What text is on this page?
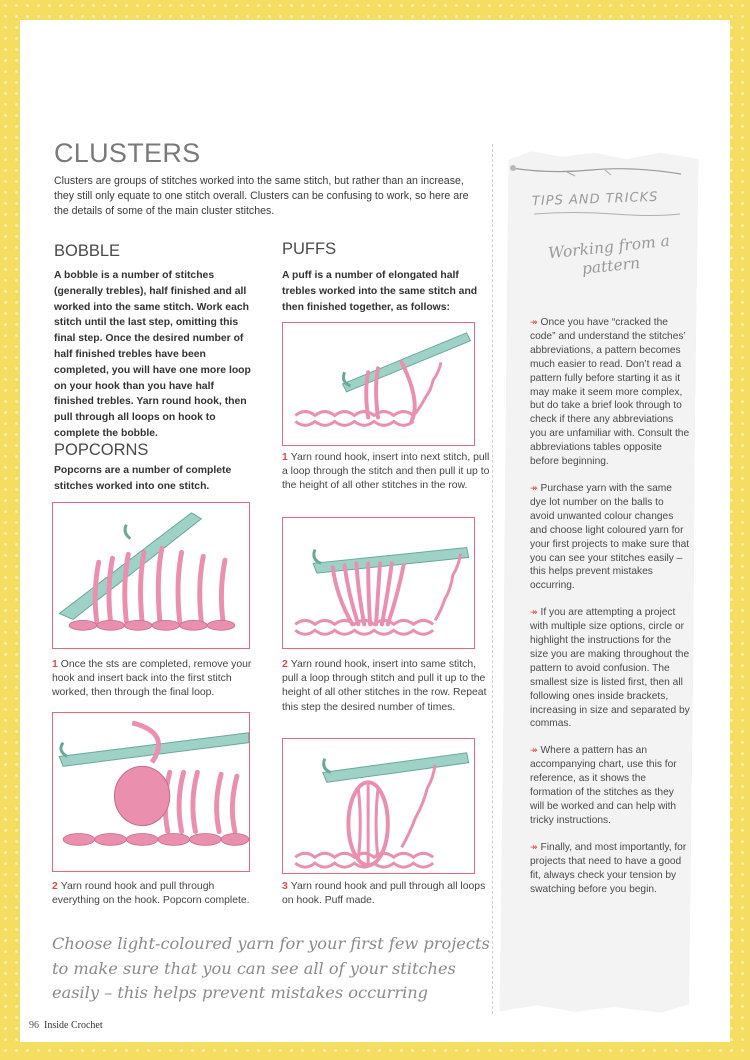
CLUSTERS

Clusters are groups of stitches worked into the same stitch, but rather than an increase, they still only equate to one stitch overall. Clusters can be confusing to work, so here are the details of some of the main cluster stitches.

BOBBLE

A bobble is a number of stitches (generally trebles), half finished and all worked into the same stitch. Work each stitch until the last step, omitting this final step. Once the desired number of half finished trebles have been completed, you will have one more loop on your hook than you have half finished trebles. Yarn round hook, then pull through all loops on hook to complete the bobble.

POPCORNS

Popcorns are a number of complete stitches worked into one stitch.

1 Once the sts are completed, remove your hook and insert back into the first stitch worked, then through the final loop.

2 Yarn round hook and pull through everything on the hook. Popcorn complete.

PUFFS

A puff is a number of elongated half trebles worked into the same stitch and then finished together, as follows:

1 Yarn round hook, insert into next stitch, pull a loop through the stitch and then pull it up to the height of all other stitches in the row.

2 Yarn round hook, insert into same stitch, pull a loop through stitch and pull it up to the height of all other stitches in the row. Repeat this step the desired number of times.

3 Yarn round hook and pull through all loops on hook. Puff made.

Choose light-coloured yarn for your first few projects to make sure that you can see all of your stitches easily – this helps prevent mistakes occurring

96 Inside Crochet

TIPS AND TRICKS

Working from a pattern

↠ Once you have “cracked the code” and understand the stitches’ abbreviations, a pattern becomes much easier to read. Don’t read a pattern fully before starting it as it may make it seem more complex, but do take a brief look through to check if there any abbreviations you are unfamiliar with. Consult the abbreviations tables opposite before beginning.
↠ Purchase yarn with the same dye lot number on the balls to avoid unwanted colour changes and choose light coloured yarn for your first projects to make sure that you can see your stitches easily – this helps prevent mistakes occurring.
↠ If you are attempting a project with multiple size options, circle or highlight the instructions for the size you are making throughout the pattern to avoid confusion. The smallest size is listed first, then all following ones inside brackets, increasing in size and separated by commas.
↠ Where a pattern has an accompanying chart, use this for reference, as it shows the formation of the stitches as they will be worked and can help with tricky instructions.
↠ Finally, and most importantly, for projects that need to have a good fit, always check your tension by swatching before you begin.
